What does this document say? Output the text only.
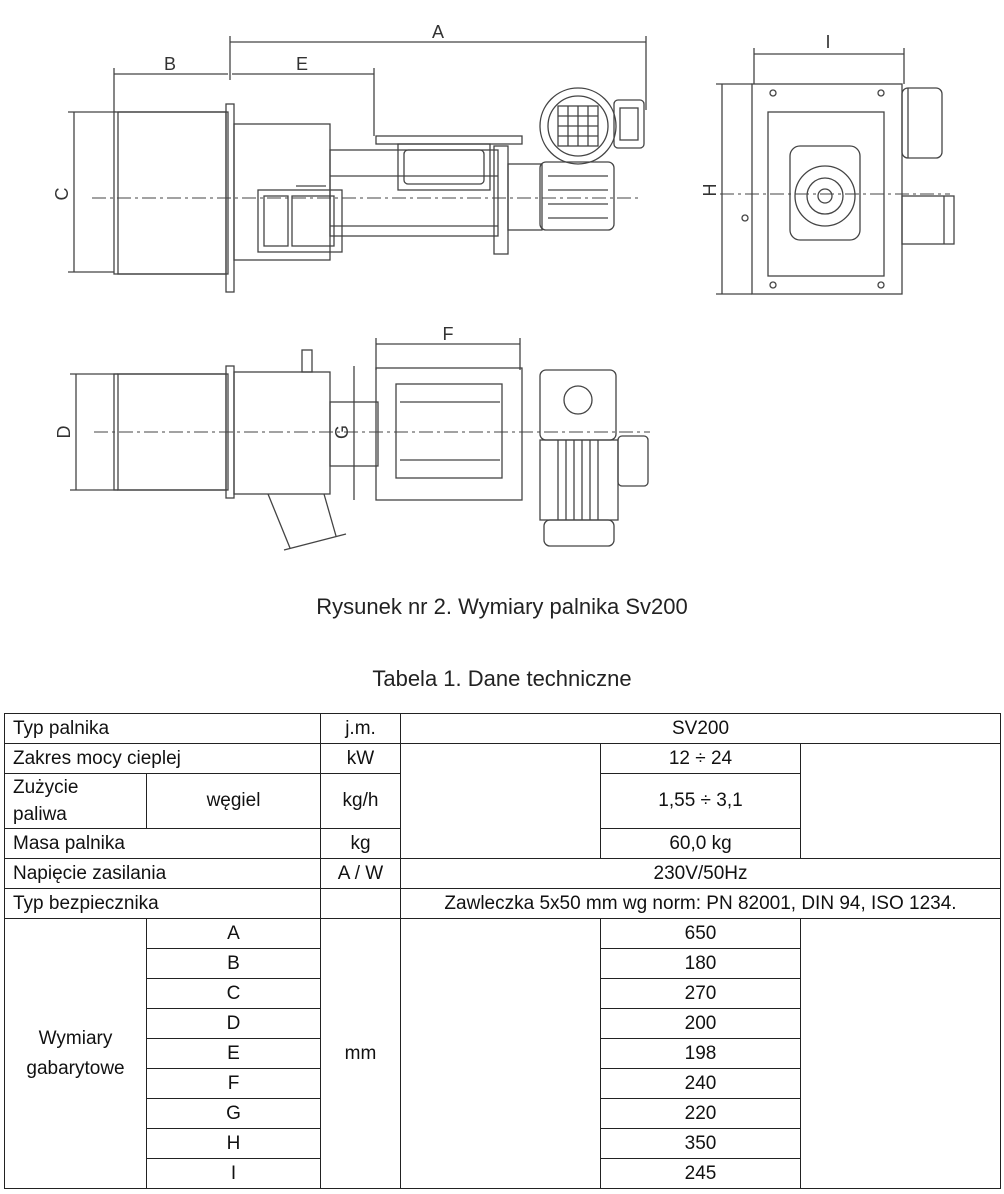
A
B	E
C
I
H
F
D	G
Rysunek nr 2. Wymiary palnika Sv200
Tabela 1. Dane techniczne
Typ palnika		j.m.	SV200		
Zakres mocy cieplej		kW		12 ÷ 24	
Zużycie
paliwa	węgiel	kg/h		1,55 ÷ 3,1	
Masa palnika		kg		60,0 kg	
Napięcie zasilania		A / W	230V/50Hz		
Typ bezpiecznika			Zawleczka 5x50 mm wg norm: PN 82001, DIN 94, ISO 1234.		
Wymiary
gabarytowe	A	mm		650	
	B			180	
	C			270	
	D			200	
	E			198	
	F			240	
	G			220	
	H			350	
	I			245	
